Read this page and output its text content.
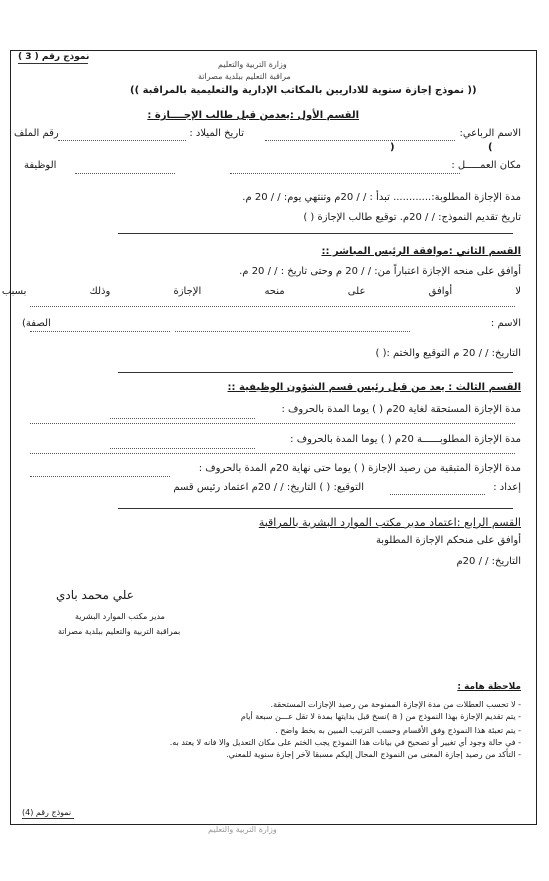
نموذج رقم ( 3 )
وزارة التربية والتعليم
مراقبة التعليم ببلدية مصراتة
(( نموذج إجازة سنوية للاداريين بالمكاتب الإدارية والتعليمية بالمراقبة ))
القسم الأول :يعدمن قبل طالب الإجــــازة :
الاسم الرباعي:
تاريخ الميلاد :
رقم الملف
)
(
مكان العمـــــل :
الوظيفة
مدة الإجازة المطلوبة:............ تبدأ : / / 20م وتنتهي يوم: / / 20 م.
تاريخ تقديم النموذج: / / 20م. توقيع طالب الإجازة ( )
القسم الثاني :موافقة الرئيس المباشر ::
أوافق على منحه الإجازة اعتباراً من: / / 20 م وحتى تاريخ : / / 20 م.
لا أوافق على منحه الإجازة وذلك بسبب
الاسم :
الصفة)
التاريخ: / / 20 م التوقيع والختم :( )
القسم الثالث : يعد من قبل رئيس قسم الشؤون الوظيفية ::
مدة الإجازة المستحقة لغاية 20م ( ) يوما المدة بالحروف :
مدة الإجازة المطلوبــــــة 20م ( ) يوما المدة بالحروف :
مدة الإجازة المتبقية من رصيد الإجازة ( ) يوما حتى نهاية 20م المدة بالحروف :
إعداد :
التوقيع: ( ) التاريخ: / / 20م اعتماد رئيس قسم
القسم الرابع :اعتماد مدير مكتب الموارد البشرية بالمراقبة
أوافق على منحكم الإجازة المطلوبة
التاريخ: / / 20م
علي محمد بادي
مدير مكتب الموارد البشرية
بمراقبة التربية والتعليم ببلدية مصراتة
ملاحظة هامة :
- لا تحسب العطلات من مدة الإجازة الممنوحة من رصيد الإجازات المستحقة.
- يتم تقديم الإجازة بهذا النموذج من ( a )نسخ قبل بدايتها بمدة لا تقل عـــن سبعة أيام
- يتم تعبئة هذا النموذج وفق الأقسام وحسب الترتيب المبين به بخط واضح .
- في حالة وجود أي تغيير أو تصحيح في بيانات هذا النموذج يجب الختم على مكان التعديل والا فانه لا يعتد به.
- التأكد من رصيد إجازة المعنى من النموذج المحال إليكم مسبقا لآخر إجازة سنوية للمعني.
نموذج رقم (4)
وزارة التربية والتعليم
